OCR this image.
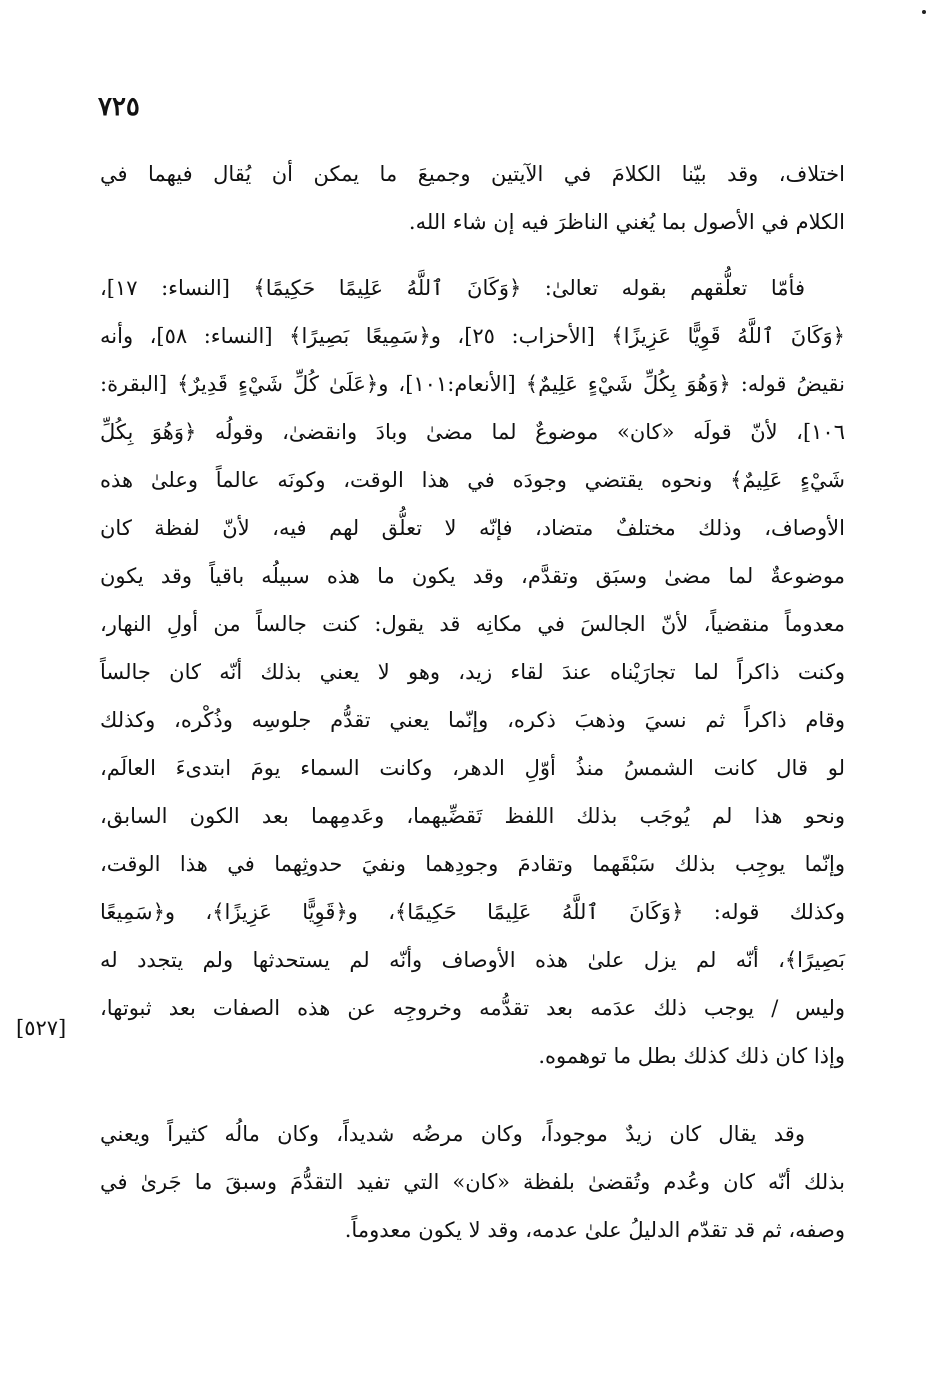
٧٢٥
اختلاف، وقد بيّنا الكلامَ في الآيتين وجميعَ ما يمكن أن يُقال فيهما في
الكلام في الأصول بما يُغني الناظرَ فيه إن شاء الله.
فأمّا تعلُّقهم بقوله تعالىٰ: ﴿وَكَانَ ٱللَّهُ عَلِيمًا حَكِيمًا﴾ [النساء: ١٧]،
﴿وَكَانَ ٱللَّهُ قَوِيًّا عَزِيزًا﴾ [الأحزاب: ٢٥]، و﴿سَمِيعًا بَصِيرًا﴾ [النساء: ٥٨]، وأنه
نقيضُ قوله: ﴿وَهُوَ بِكُلِّ شَيْءٍ عَلِيمٌ﴾ [الأنعام:١٠١]، و﴿عَلَىٰ كُلِّ شَيْءٍ قَدِيرٌ﴾ [البقرة:
١٠٦]، لأنّ قولَه «كان» موضوعٌ لما مضىٰ وبادَ وانقضىٰ، وقولُه ﴿وَهُوَ بِكُلِّ
شَيْءٍ عَلِيمٌ﴾ ونحوه يقتضي وجودَه في هذا الوقت، وكونَه عالماً وعلىٰ هذه
الأوصاف، وذلك مختلفٌ متضاد، فإنّه لا تعلُّق لهم فيه، لأنّ لفظة كان
موضوعةٌ لما مضىٰ وسبَق وتقدَّم، وقد يكون ما هذه سبيلُه باقياً وقد يكون
معدوماً منقضياً، لأنّ الجالسَ في مكانِه قد يقول: كنت جالساً من أولِ النهار،
وكنت ذاكراً لما تجارَيْناه عندَ لقاء زيد، وهو لا يعني بذلك أنّه كان جالساً
وقام ذاكراً ثم نسيَ وذهبَ ذكره، وإنّما يعني تقدُّم جلوسِه وذُكْره، وكذلك
لو قال كانت الشمسُ منذُ أوّلِ الدهر، وكانت السماء يومَ ابتدىءَ العالَم،
ونحو هذا لم يُوجَب بذلك اللفظ تَقضِّيهما، وعَدمِهما بعد الكون السابق،
وإنّما يوجِب بذلك سَبْقَهما وتقادمَ وجودِهما ونفيَ حدوثِهما في هذا الوقت،
وكذلك قوله: ﴿وَكَانَ ٱللَّهُ عَلِيمًا حَكِيمًا﴾، و﴿قَوِيًّا عَزِيزًا﴾، و﴿سَمِيعًا
بَصِيرًا﴾، أنّه لم يزل علىٰ هذه الأوصاف وأنّه لم يستحدثها ولم يتجدد له
وليس / يوجب ذلك عدَمه بعد تقدُّمه وخروجِه عن هذه الصفات بعد ثبوتها،
وإذا كان ذلك كذلك بطل ما توهموه.
[٥٢٧]
وقد يقال كان زيدٌ موجوداً، وكان مرضُه شديداً، وكان مالُه كثيراً ويعني
بذلك أنّه كان وعُدم وتُقضىٰ بلفظة «كان» التي تفيد التقدُّمَ وسبقَ ما جَرىٰ في
وصفه، ثم قد تقدّم الدليلُ علىٰ عدمه، وقد لا يكون معدوماً.
